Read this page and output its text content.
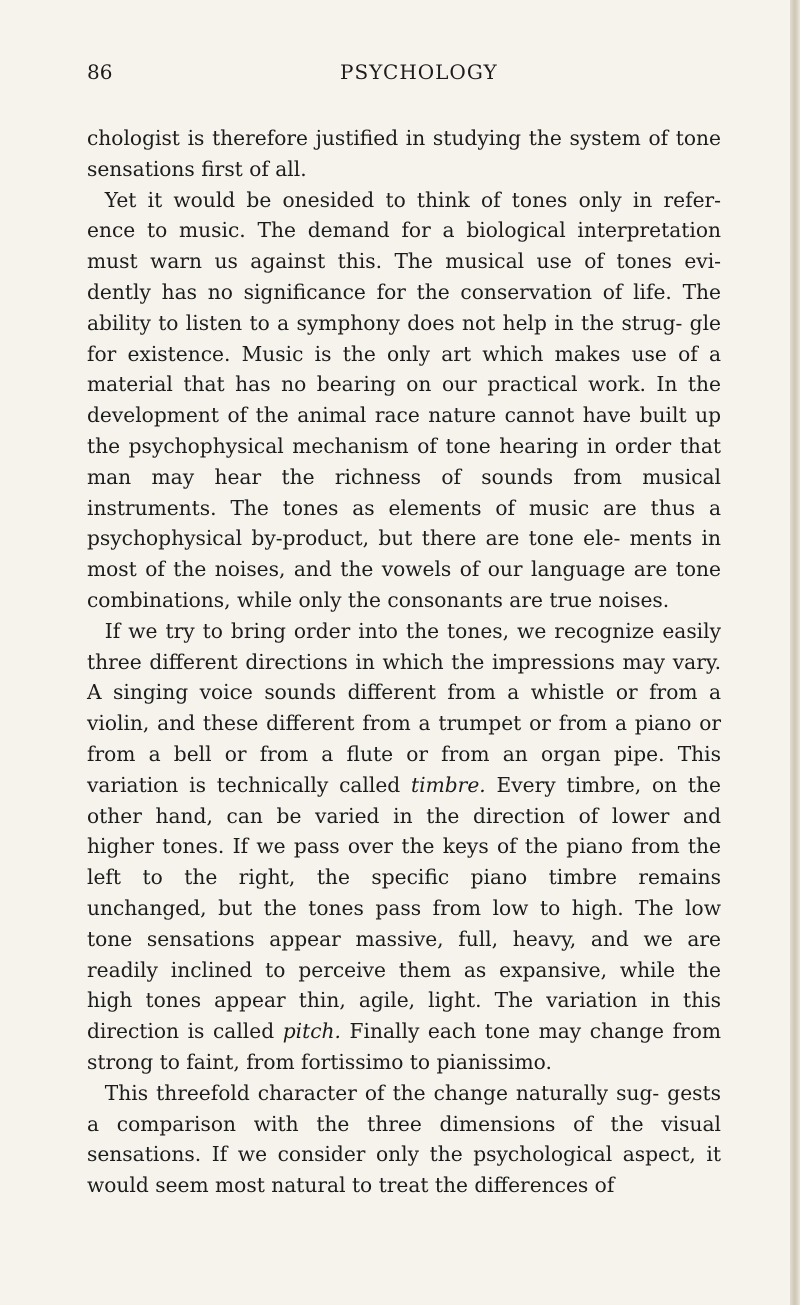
86	PSYCHOLOGY

chologist is therefore justified in studying the system of tone sensations first of all.

Yet it would be onesided to think of tones only in refer- ence to music. The demand for a biological interpretation must warn us against this. The musical use of tones evi- dently has no significance for the conservation of life. The ability to listen to a symphony does not help in the strug- gle for existence. Music is the only art which makes use of a material that has no bearing on our practical work. In the development of the animal race nature cannot have built up the psychophysical mechanism of tone hearing in order that man may hear the richness of sounds from musical instruments. The tones as elements of music are thus a psychophysical by-product, but there are tone ele- ments in most of the noises, and the vowels of our language are tone combinations, while only the consonants are true noises.

If we try to bring order into the tones, we recognize easily three different directions in which the impressions may vary. A singing voice sounds different from a whistle or from a violin, and these different from a trumpet or from a piano or from a bell or from a flute or from an organ pipe. This variation is technically called timbre. Every timbre, on the other hand, can be varied in the direction of lower and higher tones. If we pass over the keys of the piano from the left to the right, the specific piano timbre remains unchanged, but the tones pass from low to high. The low tone sensations appear massive, full, heavy, and we are readily inclined to perceive them as expansive, while the high tones appear thin, agile, light. The variation in this direction is called pitch. Finally each tone may change from strong to faint, from fortissimo to pianissimo.

This threefold character of the change naturally sug- gests a comparison with the three dimensions of the visual sensations. If we consider only the psychological aspect, it would seem most natural to treat the differences of
